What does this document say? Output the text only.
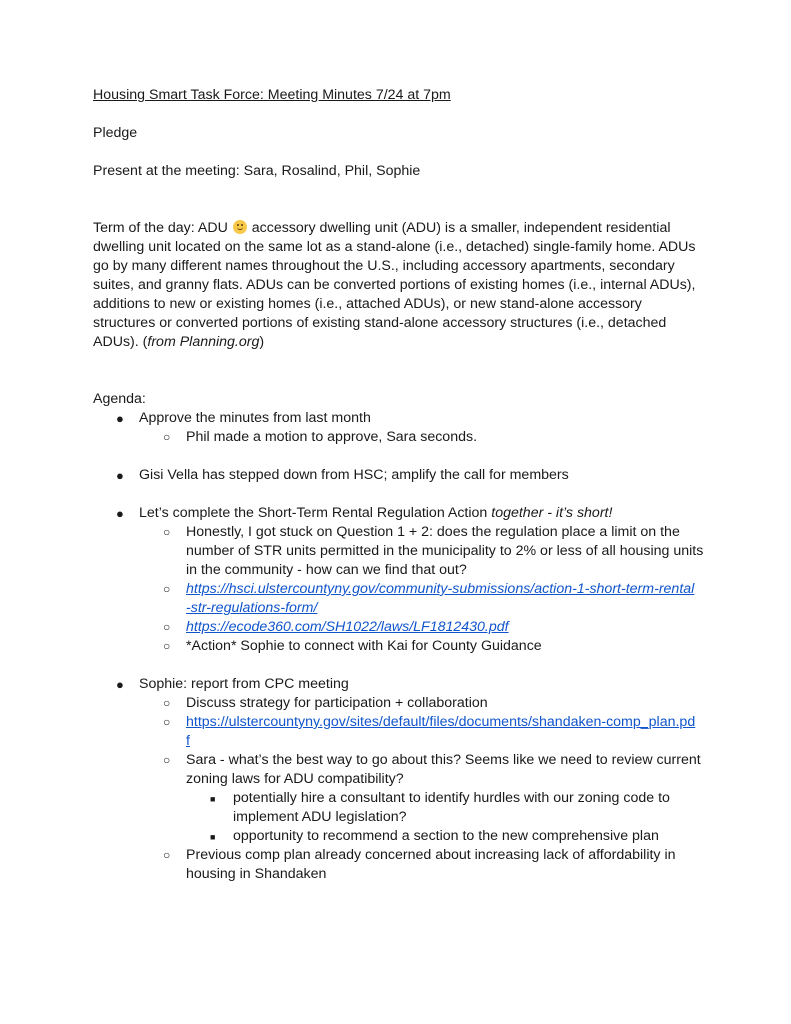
Housing Smart Task Force: Meeting Minutes 7/24 at 7pm

Pledge

Present at the meeting: Sara, Rosalind, Phil, Sophie

Term of the day: ADU accessory dwelling unit (ADU) is a smaller, independent residential dwelling unit located on the same lot as a stand-alone (i.e., detached) single-family home. ADUs go by many different names throughout the U.S., including accessory apartments, secondary suites, and granny flats. ADUs can be converted portions of existing homes (i.e., internal ADUs), additions to new or existing homes (i.e., attached ADUs), or new stand-alone accessory structures or converted portions of existing stand-alone accessory structures (i.e., detached ADUs). (from Planning.org)

Agenda:

●	Approve the minutes from last month
○	Phil made a motion to approve, Sara seconds.
●	Gisi Vella has stepped down from HSC; amplify the call for members
●	Let’s complete the Short-Term Rental Regulation Action together - it’s short!
○	Honestly, I got stuck on Question 1 + 2: does the regulation place a limit on the number of STR units permitted in the municipality to 2% or less of all housing units in the community - how can we find that out?
○	https://hsci.ulstercountyny.gov/community-submissions/action-1-short-term-rental
-str-regulations-form/
○	https://ecode360.com/SH1022/laws/LF1812430.pdf
○	*Action* Sophie to connect with Kai for County Guidance
●	Sophie: report from CPC meeting
○	Discuss strategy for participation + collaboration
○	https://ulstercountyny.gov/sites/default/files/documents/shandaken-comp_plan.pd
f
○	Sara - what’s the best way to go about this? Seems like we need to review current zoning laws for ADU compatibility?
■	potentially hire a consultant to identify hurdles with our zoning code to implement ADU legislation?
■	opportunity to recommend a section to the new comprehensive plan
○	Previous comp plan already concerned about increasing lack of affordability in housing in Shandaken
